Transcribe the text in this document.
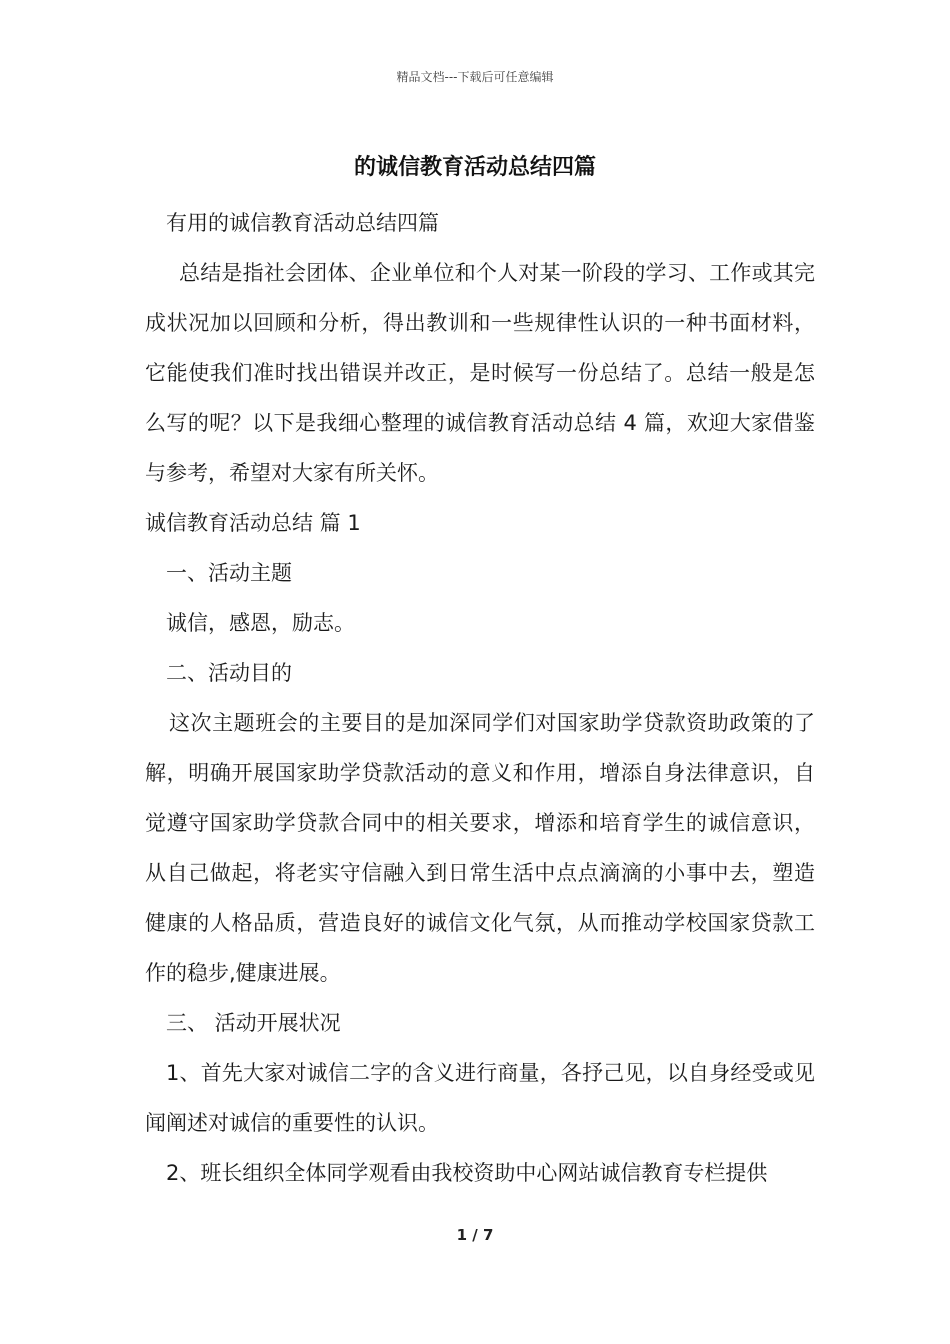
精品文档---下载后可任意编辑
的诚信教育活动总结四篇

有用的诚信教育活动总结四篇

总结是指社会团体、企业单位和个人对某一阶段的学习、工作或其完成状况加以回顾和分析，得出教训和一些规律性认识的一种书面材料，它能使我们准时找出错误并改正，是时候写一份总结了。总结一般是怎么写的呢？以下是我细心整理的诚信教育活动总结 4 篇，欢迎大家借鉴与参考，希望对大家有所关怀。

诚信教育活动总结 篇 1

一、活动主题

诚信，感恩，励志。

二、活动目的

这次主题班会的主要目的是加深同学们对国家助学贷款资助政策的了解，明确开展国家助学贷款活动的意义和作用，增添自身法律意识，自觉遵守国家助学贷款合同中的相关要求，增添和培育学生的诚信意识，从自己做起，将老实守信融入到日常生活中点点滴滴的小事中去，塑造健康的人格品质，营造良好的诚信文化气氛，从而推动学校国家贷款工作的稳步,健康进展。

三、 活动开展状况

1、首先大家对诚信二字的含义进行商量，各抒己见，以自身经受或见闻阐述对诚信的重要性的认识。

2、班长组织全体同学观看由我校资助中心网站诚信教育专栏提供

1 / 7
